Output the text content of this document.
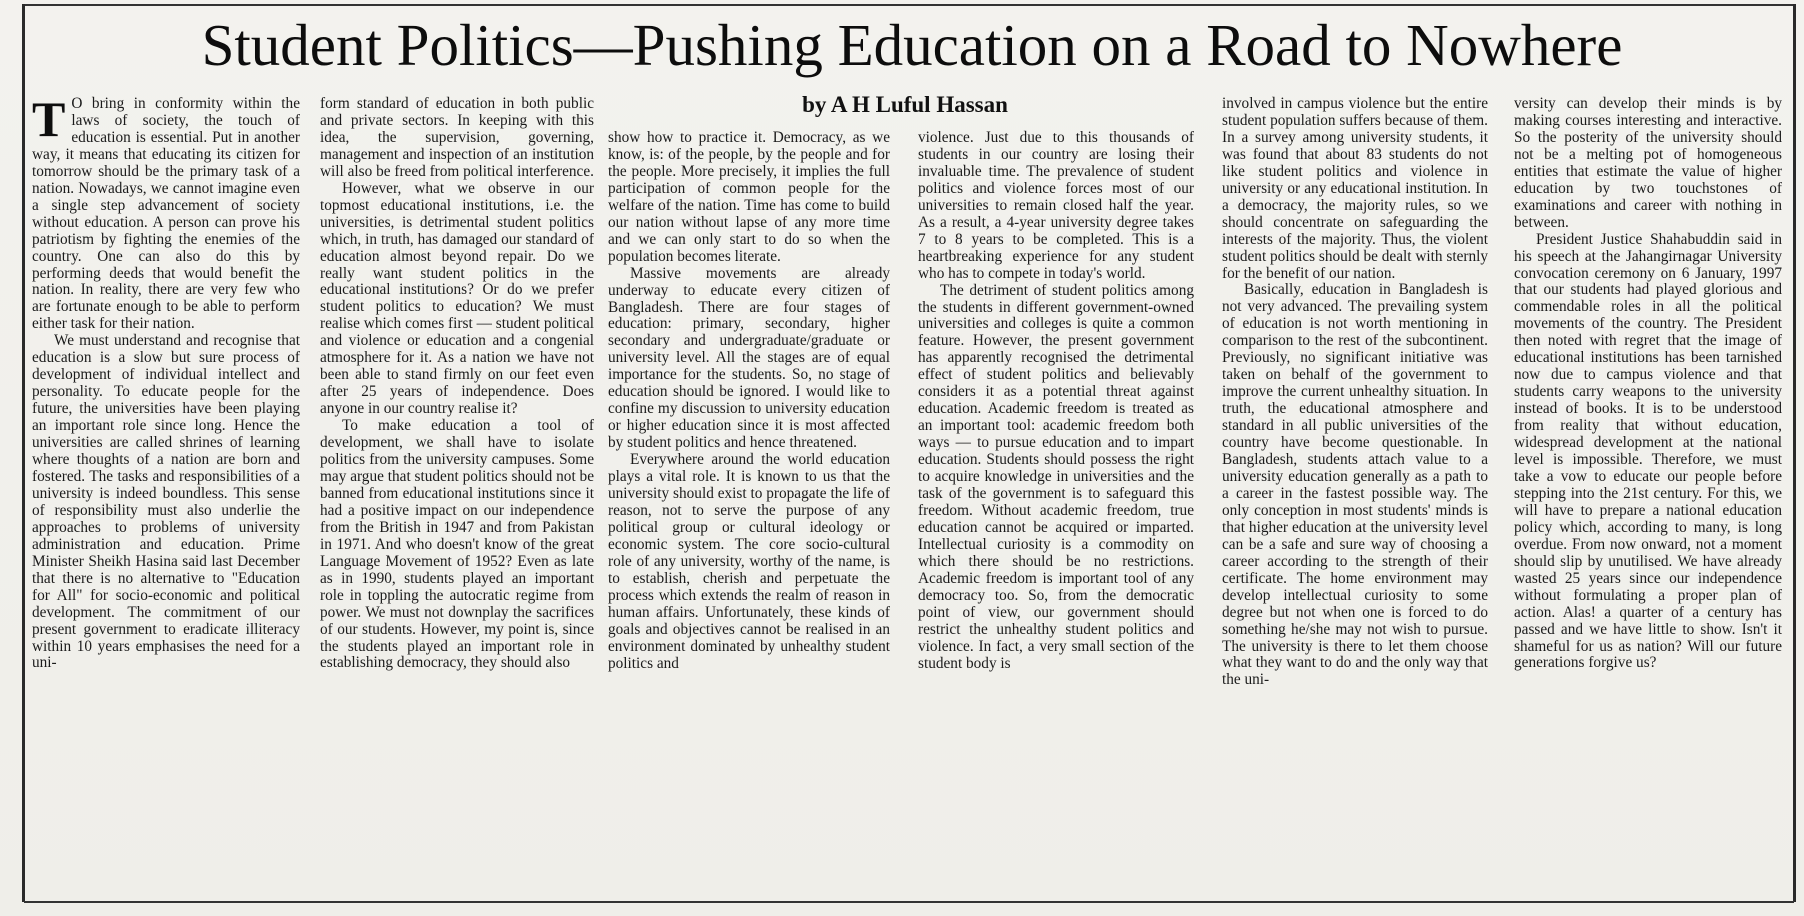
Student Politics—Pushing Education on a Road to Nowhere
by A H Luful Hassan
T O bring in conformity within the laws of society, the touch of education is essential. Put in another way, it means that educating its citizen for tomorrow should be the primary task of a nation. Nowadays, we cannot imagine even a single step advancement of society without education. A person can prove his patriotism by fighting the enemies of the country. One can also do this by performing deeds that would benefit the nation. In reality, there are very few who are fortunate enough to be able to perform either task for their nation.

We must understand and recognise that education is a slow but sure process of development of individual intellect and personality. To educate people for the future, the universities have been playing an important role since long. Hence the universities are called shrines of learning where thoughts of a nation are born and fostered. The tasks and responsibilities of a university is indeed boundless. This sense of responsibility must also underlie the approaches to problems of university administration and education. Prime Minister Sheikh Hasina said last December that there is no alternative to "Education for All" for socio-economic and political development. The commitment of our present government to eradicate illiteracy within 10 years emphasises the need for a uni-

form standard of education in both public and private sectors. In keeping with this idea, the supervision, governing, management and inspection of an institution will also be freed from political interference.

However, what we observe in our topmost educational institutions, i.e. the universities, is detrimental student politics which, in truth, has damaged our standard of education almost beyond repair. Do we really want student politics in the educational institutions? Or do we prefer student politics to education? We must realise which comes first — student political and violence or education and a congenial atmosphere for it. As a nation we have not been able to stand firmly on our feet even after 25 years of independence. Does anyone in our country realise it?

To make education a tool of development, we shall have to isolate politics from the university campuses. Some may argue that student politics should not be banned from educational institutions since it had a positive impact on our independence from the British in 1947 and from Pakistan in 1971. And who doesn't know of the great Language Movement of 1952? Even as late as in 1990, students played an important role in toppling the autocratic regime from power. We must not downplay the sacrifices of our students. However, my point is, since the students played an important role in establishing democracy, they should also

show how to practice it. Democracy, as we know, is: of the people, by the people and for the people. More precisely, it implies the full participation of common people for the welfare of the nation. Time has come to build our nation without lapse of any more time and we can only start to do so when the population becomes literate.

Massive movements are already underway to educate every citizen of Bangladesh. There are four stages of education: primary, secondary, higher secondary and undergraduate/graduate or university level. All the stages are of equal importance for the students. So, no stage of education should be ignored. I would like to confine my discussion to university education or higher education since it is most affected by student politics and hence threatened.

Everywhere around the world education plays a vital role. It is known to us that the university should exist to propagate the life of reason, not to serve the purpose of any political group or cultural ideology or economic system. The core socio-cultural role of any university, worthy of the name, is to establish, cherish and perpetuate the process which extends the realm of reason in human affairs. Unfortunately, these kinds of goals and objectives cannot be realised in an environment dominated by unhealthy student politics and

violence. Just due to this thousands of students in our country are losing their invaluable time. The prevalence of student politics and violence forces most of our universities to remain closed half the year. As a result, a 4-year university degree takes 7 to 8 years to be completed. This is a heartbreaking experience for any student who has to compete in today's world.

The detriment of student politics among the students in different government-owned universities and colleges is quite a common feature. However, the present government has apparently recognised the detrimental effect of student politics and believably considers it as a potential threat against education. Academic freedom is treated as an important tool: academic freedom both ways — to pursue education and to impart education. Students should possess the right to acquire knowledge in universities and the task of the government is to safeguard this freedom. Without academic freedom, true education cannot be acquired or imparted. Intellectual curiosity is a commodity on which there should be no restrictions. Academic freedom is important tool of any democracy too. So, from the democratic point of view, our government should restrict the unhealthy student politics and violence. In fact, a very small section of the student body is

involved in campus violence but the entire student population suffers because of them. In a survey among university students, it was found that about 83 students do not like student politics and violence in university or any educational institution. In a democracy, the majority rules, so we should concentrate on safeguarding the interests of the majority. Thus, the violent student politics should be dealt with sternly for the benefit of our nation.

Basically, education in Bangladesh is not very advanced. The prevailing system of education is not worth mentioning in comparison to the rest of the subcontinent. Previously, no significant initiative was taken on behalf of the government to improve the current unhealthy situation. In truth, the educational atmosphere and standard in all public universities of the country have become questionable. In Bangladesh, students attach value to a university education generally as a path to a career in the fastest possible way. The only conception in most students' minds is that higher education at the university level can be a safe and sure way of choosing a career according to the strength of their certificate. The home environment may develop intellectual curiosity to some degree but not when one is forced to do something he/she may not wish to pursue. The university is there to let them choose what they want to do and the only way that the uni-

versity can develop their minds is by making courses interesting and interactive. So the posterity of the university should not be a melting pot of homogeneous entities that estimate the value of higher education by two touchstones of examinations and career with nothing in between.

President Justice Shahabuddin said in his speech at the Jahangirnagar University convocation ceremony on 6 January, 1997 that our students had played glorious and commendable roles in all the political movements of the country. The President then noted with regret that the image of educational institutions has been tarnished now due to campus violence and that students carry weapons to the university instead of books. It is to be understood from reality that without education, widespread development at the national level is impossible. Therefore, we must take a vow to educate our people before stepping into the 21st century. For this, we will have to prepare a national education policy which, according to many, is long overdue. From now onward, not a moment should slip by unutilised. We have already wasted 25 years since our independence without formulating a proper plan of action. Alas! a quarter of a century has passed and we have little to show. Isn't it shameful for us as nation? Will our future generations forgive us?
